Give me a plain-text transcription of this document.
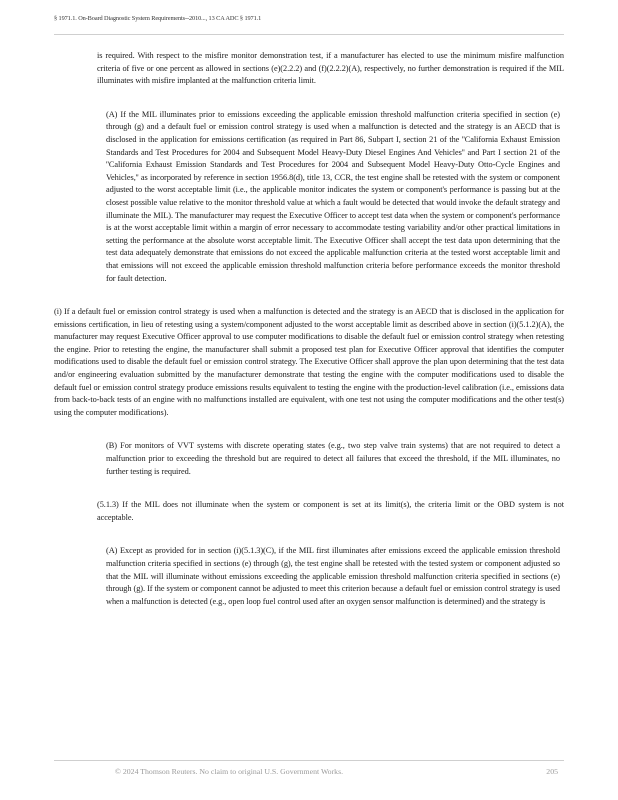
§ 1971.1. On-Board Diagnostic System Requirements--2010..., 13 CA ADC § 1971.1

is required. With respect to the misfire monitor demonstration test, if a manufacturer has elected to use the minimum misfire malfunction criteria of five or one percent as allowed in sections (e)(2.2.2) and (f)(2.2.2)(A), respectively, no further demonstration is required if the MIL illuminates with misfire implanted at the malfunction criteria limit.

(A) If the MIL illuminates prior to emissions exceeding the applicable emission threshold malfunction criteria specified in section (e) through (g) and a default fuel or emission control strategy is used when a malfunction is detected and the strategy is an AECD that is disclosed in the application for emissions certification (as required in Part 86, Subpart I, section 21 of the ''California Exhaust Emission Standards and Test Procedures for 2004 and Subsequent Model Heavy-Duty Diesel Engines And Vehicles'' and Part I section 21 of the ''California Exhaust Emission Standards and Test Procedures for 2004 and Subsequent Model Heavy-Duty Otto-Cycle Engines and Vehicles,'' as incorporated by reference in section 1956.8(d), title 13, CCR, the test engine shall be retested with the system or component adjusted to the worst acceptable limit (i.e., the applicable monitor indicates the system or component's performance is passing but at the closest possible value relative to the monitor threshold value at which a fault would be detected that would invoke the default strategy and illuminate the MIL). The manufacturer may request the Executive Officer to accept test data when the system or component's performance is at the worst acceptable limit within a margin of error necessary to accommodate testing variability and/or other practical limitations in setting the performance at the absolute worst acceptable limit. The Executive Officer shall accept the test data upon determining that the test data adequately demonstrate that emissions do not exceed the applicable malfunction criteria at the tested worst acceptable limit and that emissions will not exceed the applicable emission threshold malfunction criteria before performance exceeds the monitor threshold for fault detection.

(i) If a default fuel or emission control strategy is used when a malfunction is detected and the strategy is an AECD that is disclosed in the application for emissions certification, in lieu of retesting using a system/component adjusted to the worst acceptable limit as described above in section (i)(5.1.2)(A), the manufacturer may request Executive Officer approval to use computer modifications to disable the default fuel or emission control strategy when retesting the engine. Prior to retesting the engine, the manufacturer shall submit a proposed test plan for Executive Officer approval that identifies the computer modifications used to disable the default fuel or emission control strategy. The Executive Officer shall approve the plan upon determining that the test data and/or engineering evaluation submitted by the manufacturer demonstrate that testing the engine with the computer modifications used to disable the default fuel or emission control strategy produce emissions results equivalent to testing the engine with the production-level calibration (i.e., emissions data from back-to-back tests of an engine with no malfunctions installed are equivalent, with one test not using the computer modifications and the other test(s) using the computer modifications).

(B) For monitors of VVT systems with discrete operating states (e.g., two step valve train systems) that are not required to detect a malfunction prior to exceeding the threshold but are required to detect all failures that exceed the threshold, if the MIL illuminates, no further testing is required.

(5.1.3) If the MIL does not illuminate when the system or component is set at its limit(s), the criteria limit or the OBD system is not acceptable.

(A) Except as provided for in section (i)(5.1.3)(C), if the MIL first illuminates after emissions exceed the applicable emission threshold malfunction criteria specified in sections (e) through (g), the test engine shall be retested with the tested system or component adjusted so that the MIL will illuminate without emissions exceeding the applicable emission threshold malfunction criteria specified in sections (e) through (g). If the system or component cannot be adjusted to meet this criterion because a default fuel or emission control strategy is used when a malfunction is detected (e.g., open loop fuel control used after an oxygen sensor malfunction is determined) and the strategy is

© 2024 Thomson Reuters. No claim to original U.S. Government Works.	205
